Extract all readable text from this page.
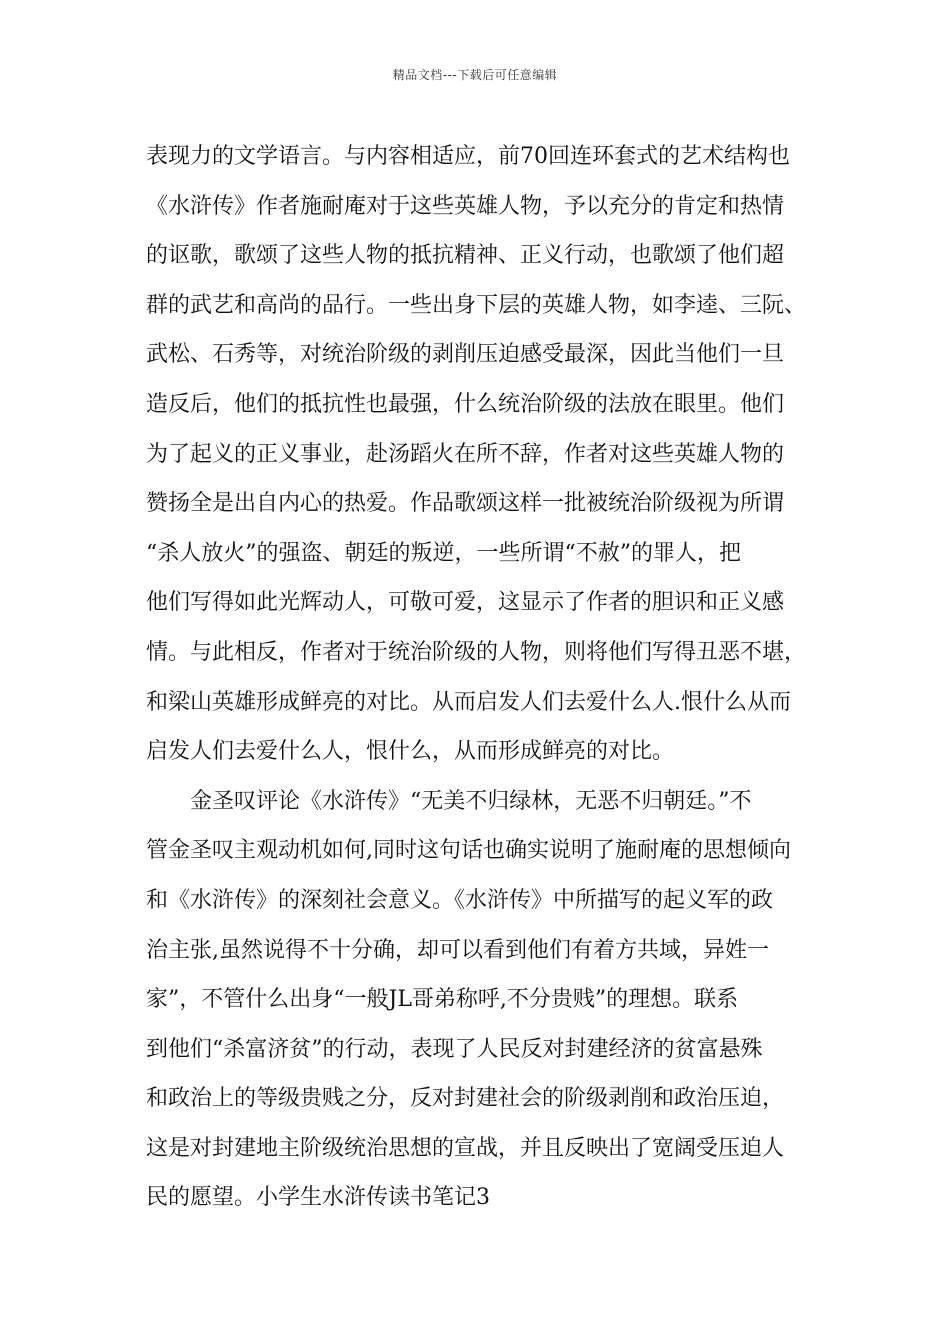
精品文档---下载后可任意编辑
表现力的文学语言。与内容相适应，前70回连环套式的艺术结构也
《水浒传》作者施耐庵对于这些英雄人物，予以充分的肯定和热情
的讴歌，歌颂了这些人物的抵抗精神、正义行动，也歌颂了他们超
群的武艺和高尚的品行。一些出身下层的英雄人物，如李逵、三阮、
武松、石秀等，对统治阶级的剥削压迫感受最深，因此当他们一旦
造反后，他们的抵抗性也最强，什么统治阶级的法放在眼里。他们
为了起义的正义事业，赴汤蹈火在所不辞，作者对这些英雄人物的
赞扬全是出自内心的热爱。作品歌颂这样一批被统治阶级视为所谓
“杀人放火”的强盗、朝廷的叛逆，一些所谓“不赦”的罪人，把
他们写得如此光辉动人，可敬可爱，这显示了作者的胆识和正义感
情。与此相反，作者对于统治阶级的人物，则将他们写得丑恶不堪，
和梁山英雄形成鲜亮的对比。从而启发人们去爱什么人.恨什么从而
启发人们去爱什么人，恨什么，从而形成鲜亮的对比。
金圣叹评论《水浒传》“无美不归绿林，无恶不归朝廷。”不
管金圣叹主观动机如何,同时这句话也确实说明了施耐庵的思想倾向
和《水浒传》的深刻社会意义。《水浒传》中所描写的起义军的政
治主张,虽然说得不十分确，却可以看到他们有着方共域，异姓一
家”，不管什么出身“一般JL哥弟称呼,不分贵贱”的理想。联系
到他们“杀富济贫”的行动，表现了人民反对封建经济的贫富悬殊
和政治上的等级贵贱之分，反对封建社会的阶级剥削和政治压迫，
这是对封建地主阶级统治思想的宣战，并且反映出了宽阔受压迫人
民的愿望。小学生水浒传读书笔记3
